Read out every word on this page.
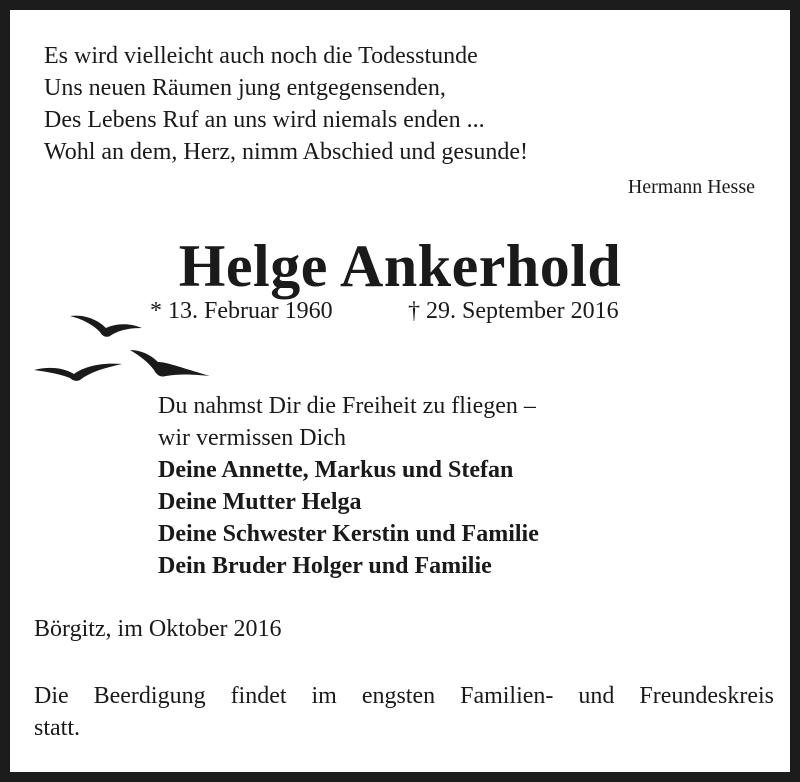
Es wird vielleicht auch noch die Todesstunde
Uns neuen Räumen jung entgegensenden,
Des Lebens Ruf an uns wird niemals enden ...
Wohl an dem, Herz, nimm Abschied und gesunde!
Hermann Hesse
Helge Ankerhold
* 13. Februar 1960	† 29. September 2016
Du nahmst Dir die Freiheit zu fliegen –
wir vermissen Dich
Deine Annette, Markus und Stefan
Deine Mutter Helga
Deine Schwester Kerstin und Familie
Dein Bruder Holger und Familie
Börgitz, im Oktober 2016
Die Beerdigung findet im engsten Familien- und Freundeskreis
statt.
